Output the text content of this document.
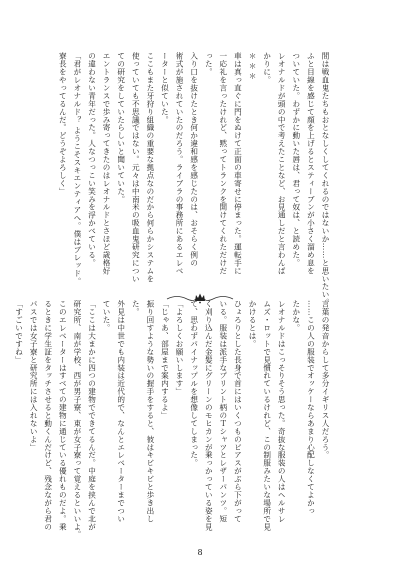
間は戦血鬼たちもおとなしくしてくれるのではないか……と思いたい。

ふと目線を感じて顔を上げるとスティーブンが小さく溜め息を

ついていた。わずかに動いた唇は、君って奴は、と読めた。

レオナルドが頭の中で考えたことなど、お見通しだと言わんば

かりに。

＊ ＊ ＊

車は真っ直ぐに門をぬけて正面の車寄せに停まった。運転手に

一応礼を言ったけれど、黙ってトランクを開けてくれただけだ

った。

入り口を抜けたとき何か違和感を感じたのは、おそらく例の

術式が施されていたのだろう。ライブラの事務所にあるエレベ

ーターと似ていた。

ここもまた牙狩り組織の重要な拠点なのだから何らかシステムを

使っていても不思議ではない。元々は中南米の吸血鬼研究につい

ての研究をしていたらしいと聞いていた。

エントランスで歩み寄ってきたのはレオナルドとさほど歳格好

の違わない青年だった。人なつっこい笑みを浮かべている。

「君がレオナルド？ ようこそスキエンティアへ。僕はブレッド。

寮長をやってるんだ。どうぞよろしく」

言葉の発音からして多分イギリス人だろう。

……この人の服装でオッケーならあまり心配しなくてよかっ

たかな。

レオナルドはこっそりそう思った。奇抜な服装の人はヘルサレ

ムズ・ロットで見慣れているけれど、この制服みたいな場所で見

かけるとは。

ひょろりとした長身で首にはいくつものピアスがぶら下がって

いる。服装は派手なプリント柄のＴシャツとレザーパンツ。短

く刈り込んだ金髪にグリーンのモヒカンが乗っかっている姿を見

て、思わずパイナップルを想像してしまった。

「よろしくお願いします」

「じゃあ、部屋まで案内するよ」

振り回すような勢いの握手をすると、彼はキビキビと歩き出し

た。

外見は中世でも内装は近代的で、なんとエレベーターまでつい

ていた。

「ここは大まかに四つの建物でできてるんだ。中庭を挟んで北が

研究所、南が学校、西が男子寮、東が女子寮って覚えるといいよ。

このエレベーターはすべての建物に通じている優れものだよ。乗

るときに学生証をタッチさせると動くんだけど、残念ながら君の

パスでは女子寮と研究所には入れないよ」

「すごいですね」

8
